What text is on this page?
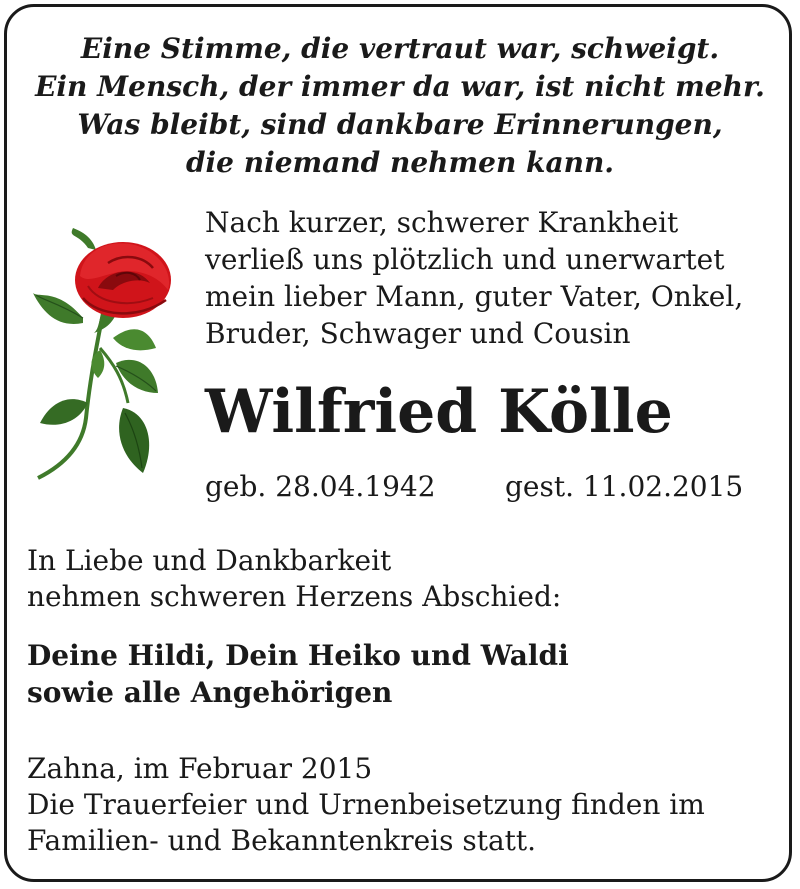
Eine Stimme, die vertraut war, schweigt.
Ein Mensch, der immer da war, ist nicht mehr.
Was bleibt, sind dankbare Erinnerungen,
die niemand nehmen kann.
Nach kurzer, schwerer Krankheit
verließ uns plötzlich und unerwartet
mein lieber Mann, guter Vater, Onkel,
Bruder, Schwager und Cousin
Wilfried Kölle
geb. 28.04.1942 gest. 11.02.2015
In Liebe und Dankbarkeit
nehmen schweren Herzens Abschied:
Deine Hildi, Dein Heiko und Waldi
sowie alle Angehörigen
Zahna, im Februar 2015
Die Trauerfeier und Urnenbeisetzung finden im
Familien- und Bekanntenkreis statt.
